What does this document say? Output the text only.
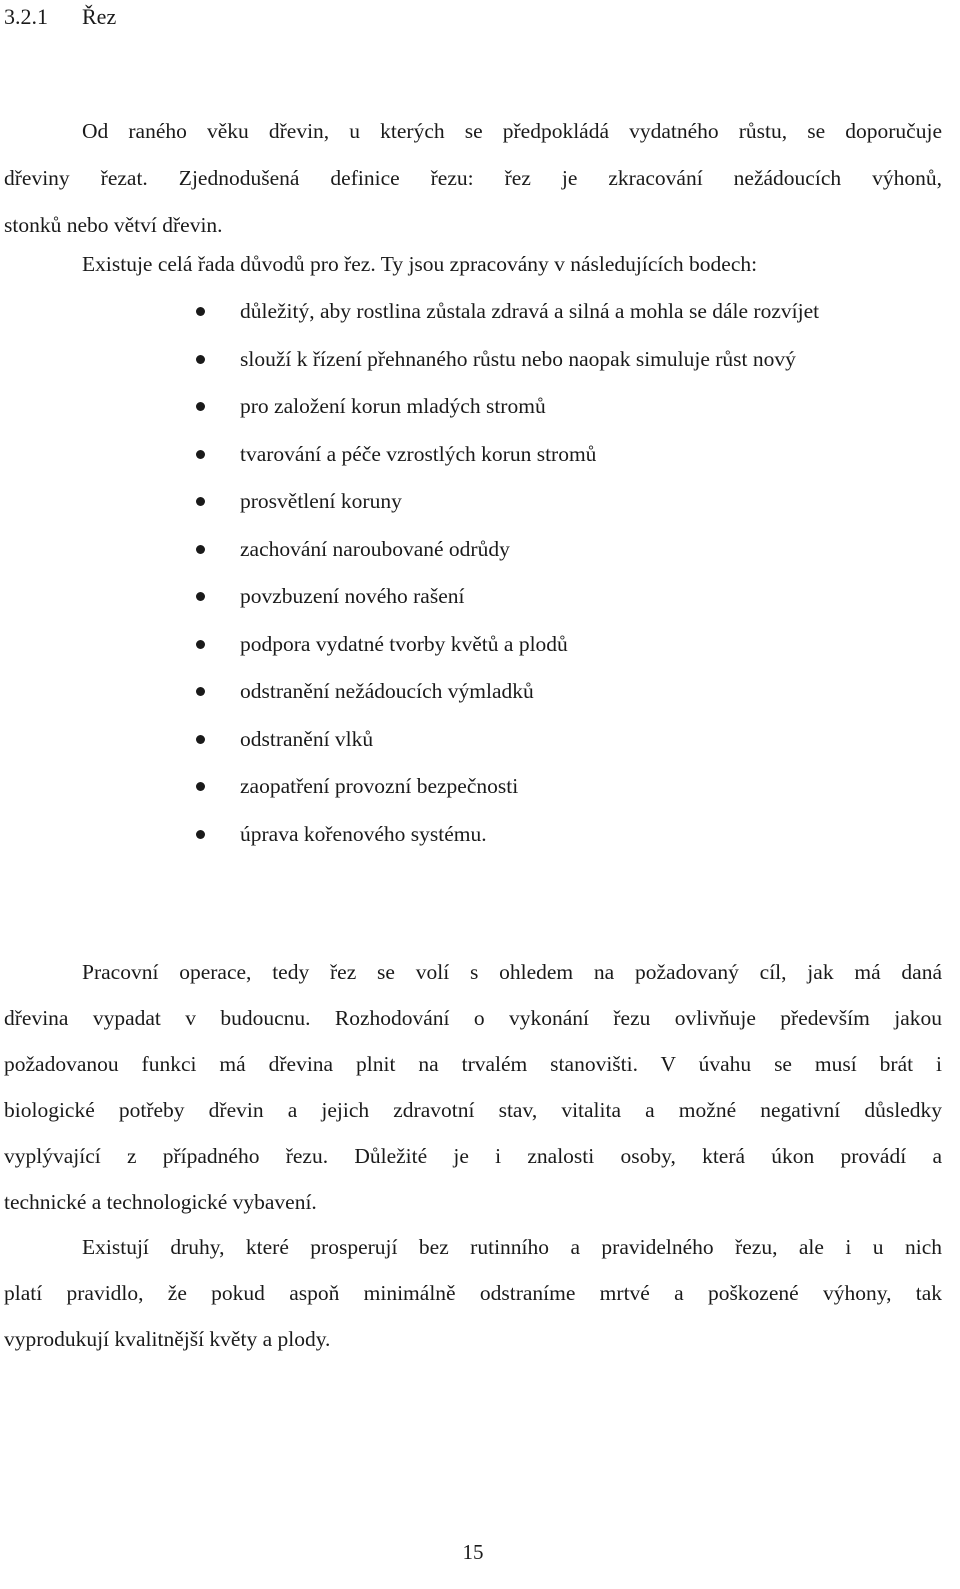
3.2.1 Řez
Od raného věku dřevin, u kterých se předpokládá vydatného růstu, se doporučuje
dřeviny řezat. Zjednodušená definice řezu: řez je zkracování nežádoucích výhonů,
stonků nebo větví dřevin.
Existuje celá řada důvodů pro řez. Ty jsou zpracovány v následujících bodech:
důležitý, aby rostlina zůstala zdravá a silná a mohla se dále rozvíjet
slouží k řízení přehnaného růstu nebo naopak simuluje růst nový
pro založení korun mladých stromů
tvarování a péče vzrostlých korun stromů
prosvětlení koruny
zachování naroubované odrůdy
povzbuzení nového rašení
podpora vydatné tvorby květů a plodů
odstranění nežádoucích výmladků
odstranění vlků
zaopatření provozní bezpečnosti
úprava kořenového systému.
Pracovní operace, tedy řez se volí s ohledem na požadovaný cíl, jak má daná
dřevina vypadat v budoucnu. Rozhodování o vykonání řezu ovlivňuje především jakou
požadovanou funkci má dřevina plnit na trvalém stanovišti. V úvahu se musí brát i
biologické potřeby dřevin a jejich zdravotní stav, vitalita a možné negativní důsledky
vyplývající z případného řezu. Důležité je i znalosti osoby, která úkon provádí a
technické a technologické vybavení.
Existují druhy, které prosperují bez rutinního a pravidelného řezu, ale i u nich
platí pravidlo, že pokud aspoň minimálně odstraníme mrtvé a poškozené výhony, tak
vyprodukují kvalitnější květy a plody.
15
